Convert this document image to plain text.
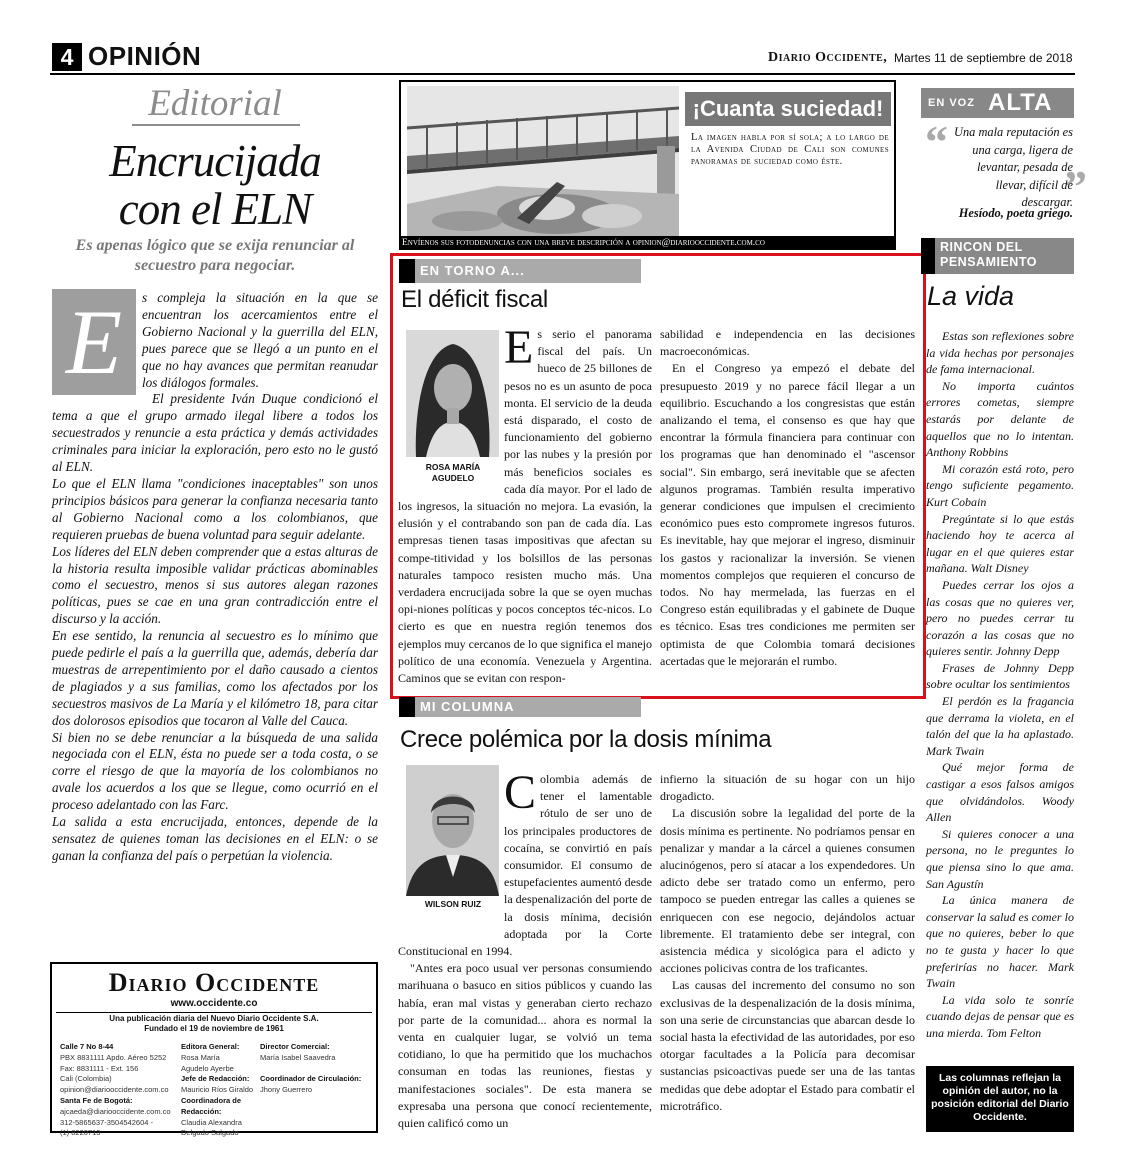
4 OPINIÓN	Diario Occidente, Martes 11 de septiembre de 2018
Editorial
Encrucijada
con el ELN
Es apenas lógico que se exija renunciar al secuestro para negociar.

s compleja la situación en la que se encuentran los acercamientos entre el Gobierno Nacional y la guerrilla del ELN, pues parece que se llegó a un punto en el que no hay avances que permitan reanudar los diálogos formales.

El presidente Iván Duque condicionó el tema a que el grupo armado ilegal libere a todos los secuestrados y renuncie a esta práctica y demás actividades criminales para iniciar la exploración, pero esto no le gustó al ELN.

Lo que el ELN llama "condiciones inaceptables" son unos principios básicos para generar la confianza necesaria tanto al Gobierno Nacional como a los colombianos, que requieren pruebas de buena voluntad para seguir adelante.

Los líderes del ELN deben comprender que a estas alturas de la historia resulta imposible validar prácticas abominables como el secuestro, menos si sus autores alegan razones políticas, pues se cae en una gran contradicción entre el discurso y la acción.

En ese sentido, la renuncia al secuestro es lo mínimo que puede pedirle el país a la guerrilla que, además, debería dar muestras de arrepentimiento por el daño causado a cientos de plagiados y a sus familias, como los afectados por los secuestros masivos de La María y el kilómetro 18, para citar dos dolorosos episodios que tocaron al Valle del Cauca.

Si bien no se debe renunciar a la búsqueda de una salida negociada con el ELN, ésta no puede ser a toda costa, o se corre el riesgo de que la mayoría de los colombianos no avale los acuerdos a los que se llegue, como ocurrió en el proceso adelantado con las Farc.

La salida a esta encrucijada, entonces, depende de la sensatez de quienes toman las decisiones en el ELN: o se ganan la confianza del país o perpetúan la violencia.

E
Diario Occidente
www.occidente.co
Una publicación diaria del Nuevo Diario Occidente S.A.
Fundado el 19 de noviembre de 1961
Calle 7 No 8-44
PBX 8831111 Apdo. Aéreo 5252
Fax: 8831111 - Ext. 156
Cali (Colombia)
opinion@diariooccidente.com.co
Santa Fe de Bogotá:
ajcaeda@diariooccidente.com.co
312-5865637-3504542604 -
(1) 8220713
Editora General:
Rosa María
Agudelo Ayerbe
Jefe de Redacción:
Mauricio Ríos Giraldo
Coordinadora de
Redacción:
Claudia Alexandra
Delgado Salgado
Director Comercial:
María Isabel Saavedra

Coordinador de Circulación:
Jhony Guerrero
¡Cuanta suciedad!
La imagen habla por sí sola; a lo largo de la Avenida Ciudad de Cali son comunes panoramas de suciedad como éste.
Envíenos sus fotodenuncias con una breve descripción a opinion@diariooccidente.com.co
EN TORNO A...
El déficit fiscal
E s serio el panorama fiscal del país. Un hueco de 25 billones de pesos no es un asunto de poca monta. El servicio de la deuda está disparado, el costo de funcionamiento del gobierno por las nubes y la presión por más beneficios sociales es cada día mayor. Por el lado de los ingresos, la situación no mejora. La evasión, la elusión y el contrabando son pan de cada día. Las empresas tienen tasas impositivas que afectan su compe-titividad y los bolsillos de las personas naturales tampoco resisten mucho más. Una verdadera encrucijada sobre la que se oyen muchas opi-niones políticas y pocos conceptos téc-nicos. Lo cierto es que en nuestra región tenemos dos ejemplos muy cercanos de lo que significa el manejo político de una economía. Venezuela y Argentina. Caminos que se evitan con respon-
ROSA MARÍA AGUDELO

sabilidad e independencia en las decisiones macroeconómicas.

En el Congreso ya empezó el debate del presupuesto 2019 y no parece fácil llegar a un equilibrio. Escuchando a los congresistas que están analizando el tema, el consenso es que hay que encontrar la fórmula financiera para continuar con los programas que han denominado el "ascensor social". Sin embargo, será inevitable que se afecten algunos programas. También resulta imperativo generar condiciones que impulsen el crecimiento económico pues esto compromete ingresos futuros. Es inevitable, hay que mejorar el ingreso, disminuir los gastos y racionalizar la inversión. Se vienen momentos complejos que requieren el concurso de todos. No hay mermelada, las fuerzas en el Congreso están equilibradas y el gabinete de Duque es técnico. Esas tres condiciones me permiten ser optimista de que Colombia tomará decisiones acertadas que le mejorarán el rumbo.

MI COLUMNA
Crece polémica por la dosis mínima
C olombia además de tener el lamentable rótulo de ser uno de los principales productores de cocaína, se convirtió en país consumidor. El consumo de estupefacientes aumentó desde la despenalización del porte de la dosis mínima, decisión adoptada por la Corte Constitucional en 1994.

"Antes era poco usual ver personas consumiendo marihuana o basuco en sitios públicos y cuando las había, eran mal vistas y generaban cierto rechazo por parte de la comunidad... ahora es normal la venta en cualquier lugar, se volvió un tema cotidiano, lo que ha permitido que los muchachos consuman en todas las reuniones, fiestas y manifestaciones sociales". De esta manera se expresaba una persona que conocí recientemente, quien calificó como un

WILSON RUIZ

infierno la situación de su hogar con un hijo drogadicto.

La discusión sobre la legalidad del porte de la dosis mínima es pertinente. No podríamos pensar en penalizar y mandar a la cárcel a quienes consumen alucinógenos, pero sí atacar a los expendedores. Un adicto debe ser tratado como un enfermo, pero tampoco se pueden entregar las calles a quienes se enriquecen con ese negocio, dejándolos actuar libremente. El tratamiento debe ser integral, con asistencia médica y sicológica para el adicto y acciones policivas contra de los traficantes.

Las causas del incremento del consumo no son exclusivas de la despenalización de la dosis mínima, son una serie de circunstancias que abarcan desde lo social hasta la efectividad de las autoridades, por eso otorgar facultades a la Policía para decomisar sustancias psicoactivas puede ser una de las tantas medidas que debe adoptar el Estado para combatir el microtráfico.

EN VOZ ALTA
“
”
Una mala reputación es una carga, ligera de levantar, pesada de llevar, difícil de descargar.
Hesíodo, poeta griego.
RINCON DEL
PENSAMIENTO
La vida

Estas son reflexiones sobre la vida hechas por personajes de fama internacional.

No importa cuántos errores cometas, siempre estarás por delante de aquellos que no lo intentan. Anthony Robbins

Mi corazón está roto, pero tengo suficiente pegamento. Kurt Cobain

Pregúntate si lo que estás haciendo hoy te acerca al lugar en el que quieres estar mañana. Walt Disney

Puedes cerrar los ojos a las cosas que no quieres ver, pero no puedes cerrar tu corazón a las cosas que no quieres sentir. Johnny Depp

Frases de Johnny Depp sobre ocultar los sentimientos

El perdón es la fragancia que derrama la violeta, en el talón del que la ha aplastado. Mark Twain

Qué mejor forma de castigar a esos falsos amigos que olvidándolos. Woody Allen

Si quieres conocer a una persona, no le preguntes lo que piensa sino lo que ama. San Agustín

La única manera de conservar la salud es comer lo que no quieres, beber lo que no te gusta y hacer lo que preferirías no hacer. Mark Twain

La vida solo te sonríe cuando dejas de pensar que es una mierda. Tom Felton

Las columnas reflejan la opinión del autor, no la posición editorial del Diario Occidente.
